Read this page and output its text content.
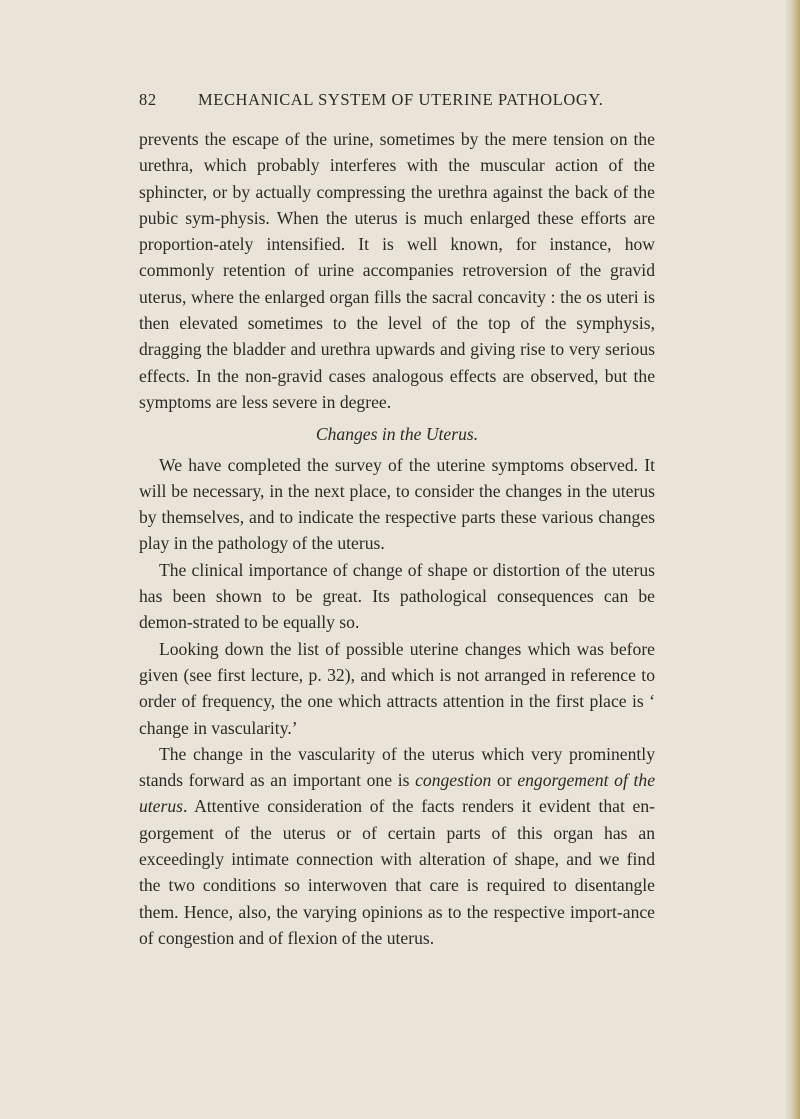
82	MECHANICAL SYSTEM OF UTERINE PATHOLOGY.

prevents the escape of the urine, sometimes by the mere tension on the urethra, which probably interferes with the muscular action of the sphincter, or by actually compressing the urethra against the back of the pubic sym-physis. When the uterus is much enlarged these efforts are proportion-ately intensified. It is well known, for instance, how commonly retention of urine accompanies retroversion of the gravid uterus, where the enlarged organ fills the sacral concavity : the os uteri is then elevated sometimes to the level of the top of the symphysis, dragging the bladder and urethra upwards and giving rise to very serious effects. In the non-gravid cases analogous effects are observed, but the symptoms are less severe in degree.

Changes in the Uterus.

We have completed the survey of the uterine symptoms observed. It will be necessary, in the next place, to consider the changes in the uterus by themselves, and to indicate the respective parts these various changes play in the pathology of the uterus.

The clinical importance of change of shape or distortion of the uterus has been shown to be great. Its pathological consequences can be demon-strated to be equally so.

Looking down the list of possible uterine changes which was before given (see first lecture, p. 32), and which is not arranged in reference to order of frequency, the one which attracts attention in the first place is ‘ change in vascularity.’

The change in the vascularity of the uterus which very prominently stands forward as an important one is congestion or engorgement of the uterus. Attentive consideration of the facts renders it evident that en-gorgement of the uterus or of certain parts of this organ has an exceedingly intimate connection with alteration of shape, and we find the two conditions so interwoven that care is required to disentangle them. Hence, also, the varying opinions as to the respective import-ance of congestion and of flexion of the uterus.
